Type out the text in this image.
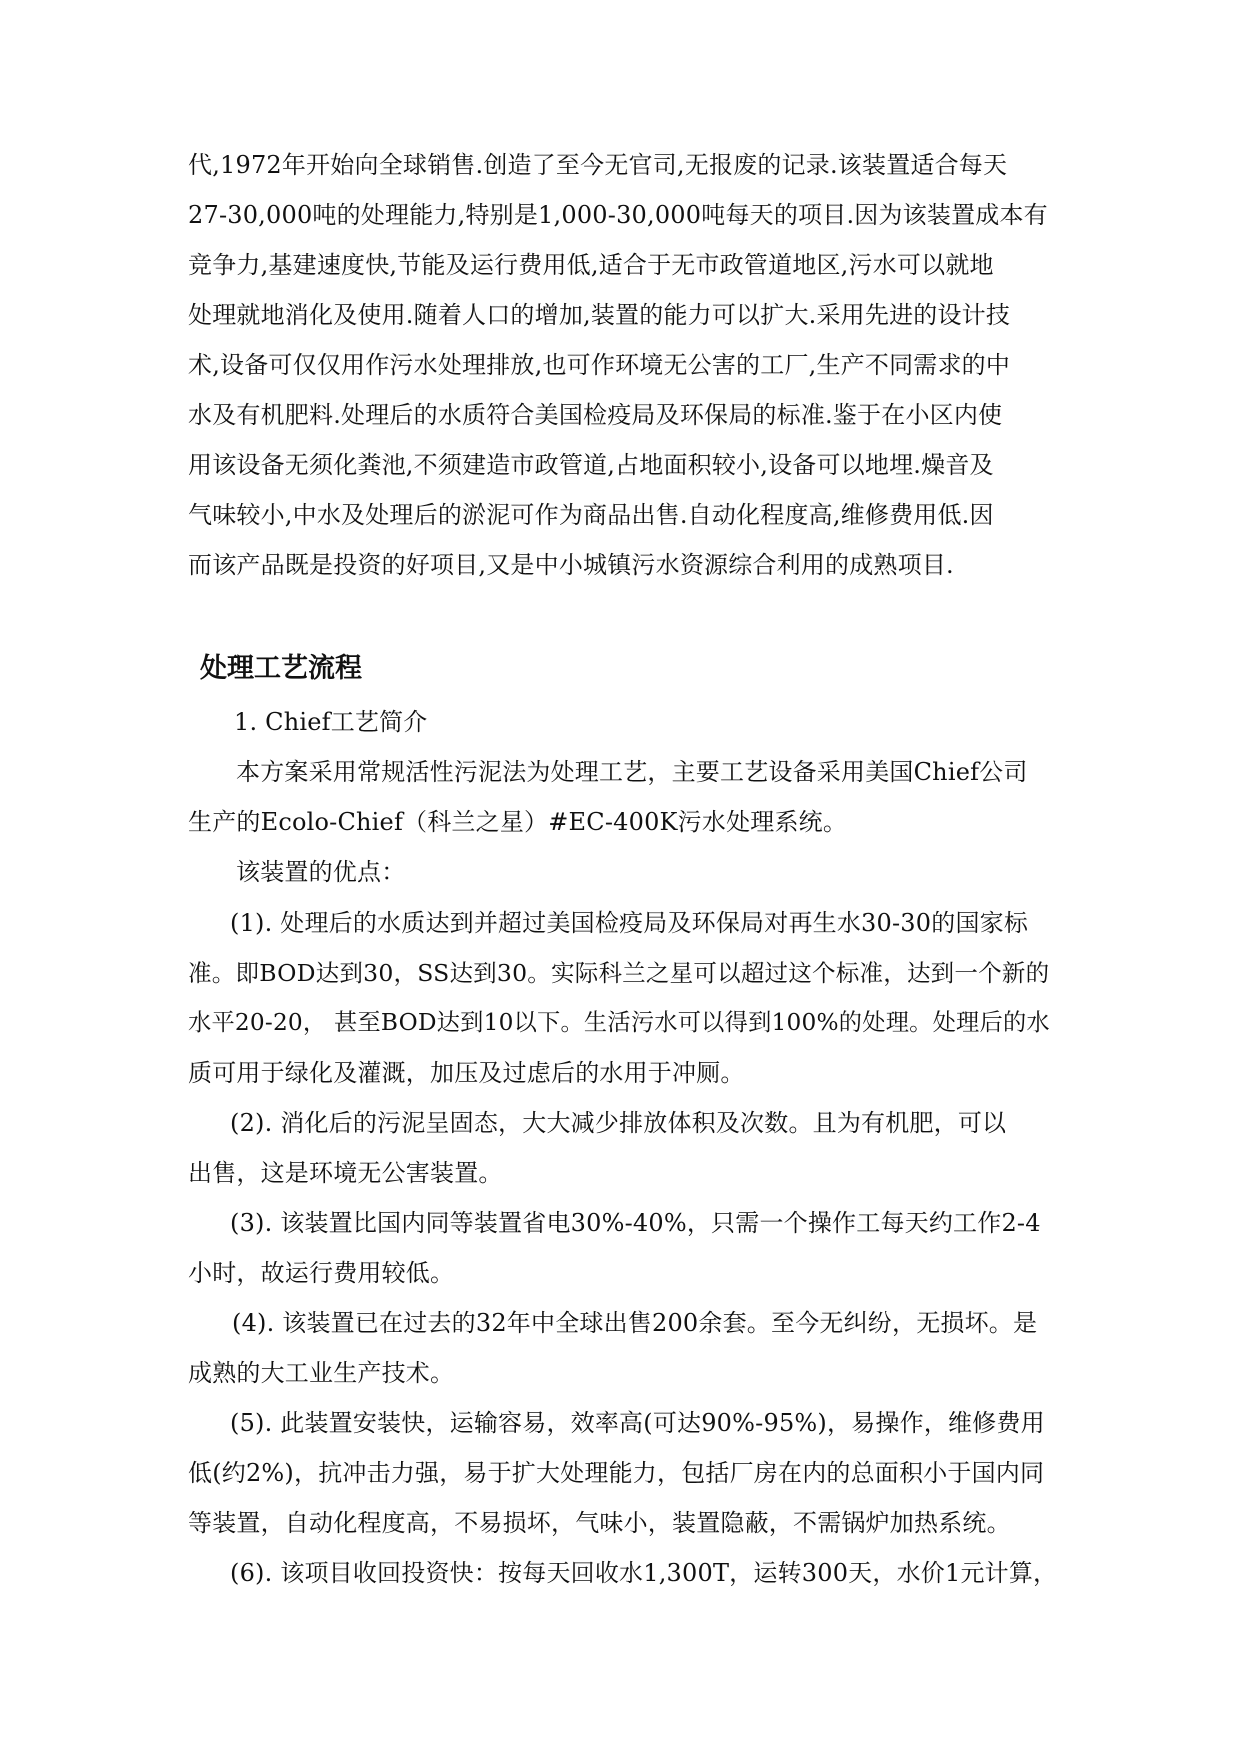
代,1972年开始向全球销售.创造了至今无官司,无报废的记录.该装置适合每天
27-30,000吨的处理能力,特别是1,000-30,000吨每天的项目.因为该装置成本有
竞争力,基建速度快,节能及运行费用低,适合于无市政管道地区,污水可以就地
处理就地消化及使用.随着人口的增加,装置的能力可以扩大.采用先进的设计技
术,设备可仅仅用作污水处理排放,也可作环境无公害的工厂,生产不同需求的中
水及有机肥料.处理后的水质符合美国检疫局及环保局的标准.鉴于在小区内使
用该设备无须化粪池,不须建造市政管道,占地面积较小,设备可以地埋.燥音及
气味较小,中水及处理后的淤泥可作为商品出售.自动化程度高,维修费用低.因
而该产品既是投资的好项目,又是中小城镇污水资源综合利用的成熟项目.
处理工艺流程
1. Chief工艺简介
本方案采用常规活性污泥法为处理工艺，主要工艺设备采用美国Chief公司
生产的Ecolo-Chief（科兰之星）#EC-400K污水处理系统。
该装置的优点：
(1). 处理后的水质达到并超过美国检疫局及环保局对再生水30-30的国家标
准。即BOD达到30，SS达到30。实际科兰之星可以超过这个标准，达到一个新的
水平20-20， 甚至BOD达到10以下。生活污水可以得到100%的处理。处理后的水
质可用于绿化及灌溉，加压及过虑后的水用于冲厕。
(2). 消化后的污泥呈固态，大大减少排放体积及次数。且为有机肥，可以
出售，这是环境无公害装置。
(3). 该装置比国内同等装置省电30%-40%，只需一个操作工每天约工作2-4
小时，故运行费用较低。
(4). 该装置已在过去的32年中全球出售200余套。至今无纠纷，无损坏。是
成熟的大工业生产技术。
(5). 此装置安装快，运输容易，效率高(可达90%-95%)，易操作，维修费用
低(约2%)，抗冲击力强，易于扩大处理能力，包括厂房在内的总面积小于国内同
等装置，自动化程度高，不易损坏，气味小，装置隐蔽，不需锅炉加热系统。
(6). 该项目收回投资快：按每天回收水1,300T，运转300天，水价1元计算，
